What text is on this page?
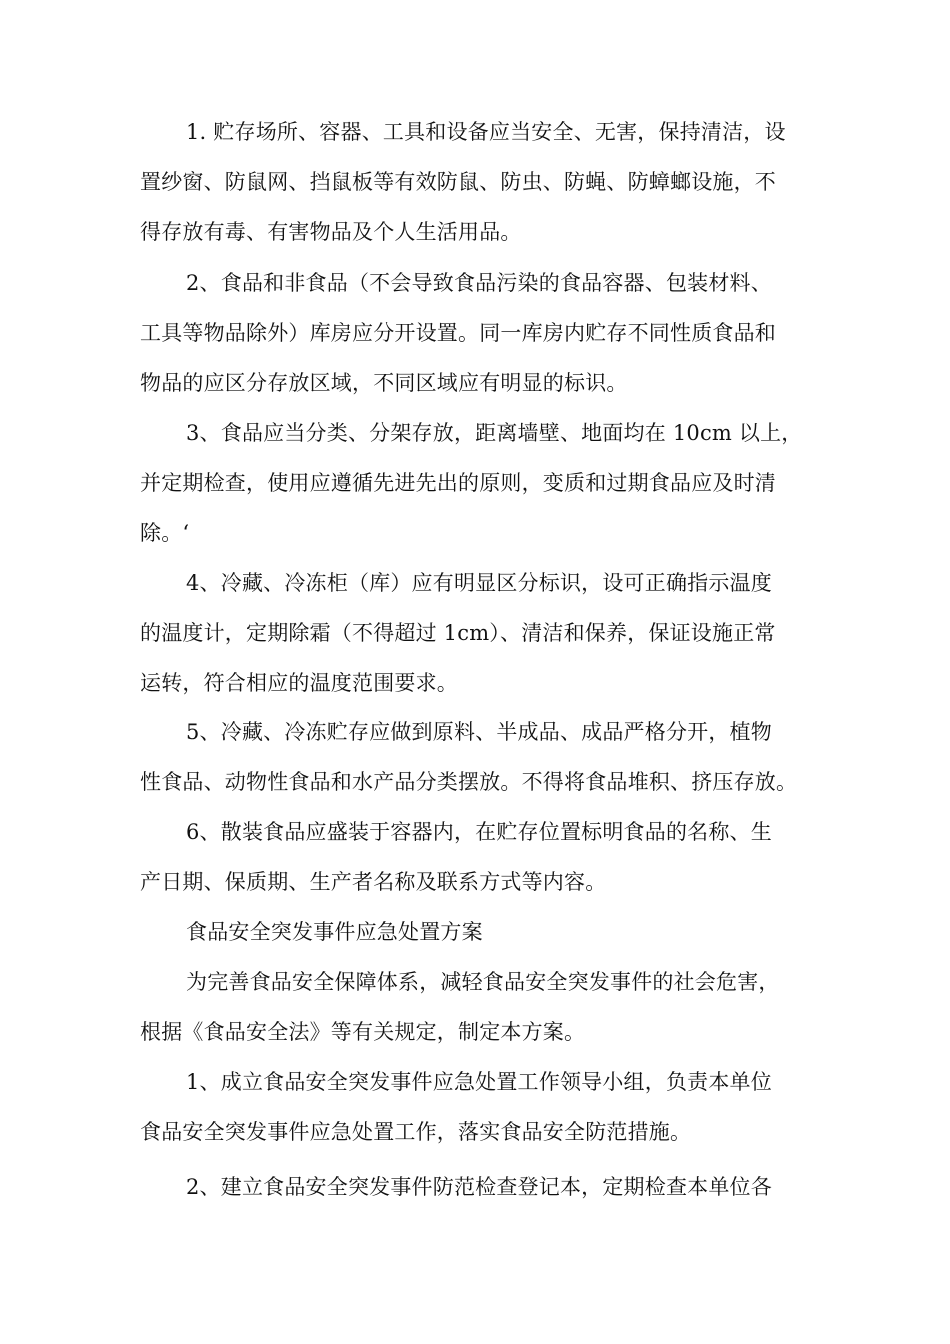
1. 贮存场所、容器、工具和设备应当安全、无害，保持清洁，设
置纱窗、防鼠网、挡鼠板等有效防鼠、防虫、防蝇、防蟑螂设施，不
得存放有毒、有害物品及个人生活用品。
2、食品和非食品（不会导致食品污染的食品容器、包装材料、
工具等物品除外）库房应分开设置。同一库房内贮存不同性质食品和
物品的应区分存放区域，不同区域应有明显的标识。
3、食品应当分类、分架存放，距离墙壁、地面均在 10cm 以上，
并定期检查，使用应遵循先进先出的原则，变质和过期食品应及时清
除。‘
4、冷藏、冷冻柜（库）应有明显区分标识，设可正确指示温度
的温度计，定期除霜（不得超过 1cm）、清洁和保养，保证设施正常
运转，符合相应的温度范围要求。
5、冷藏、冷冻贮存应做到原料、半成品、成品严格分开，植物
性食品、动物性食品和水产品分类摆放。不得将食品堆积、挤压存放。
6、散装食品应盛装于容器内，在贮存位置标明食品的名称、生
产日期、保质期、生产者名称及联系方式等内容。
食品安全突发事件应急处置方案
为完善食品安全保障体系，减轻食品安全突发事件的社会危害，
根据《食品安全法》等有关规定，制定本方案。
1、成立食品安全突发事件应急处置工作领导小组，负责本单位
食品安全突发事件应急处置工作，落实食品安全防范措施。
2、建立食品安全突发事件防范检查登记本，定期检查本单位各
